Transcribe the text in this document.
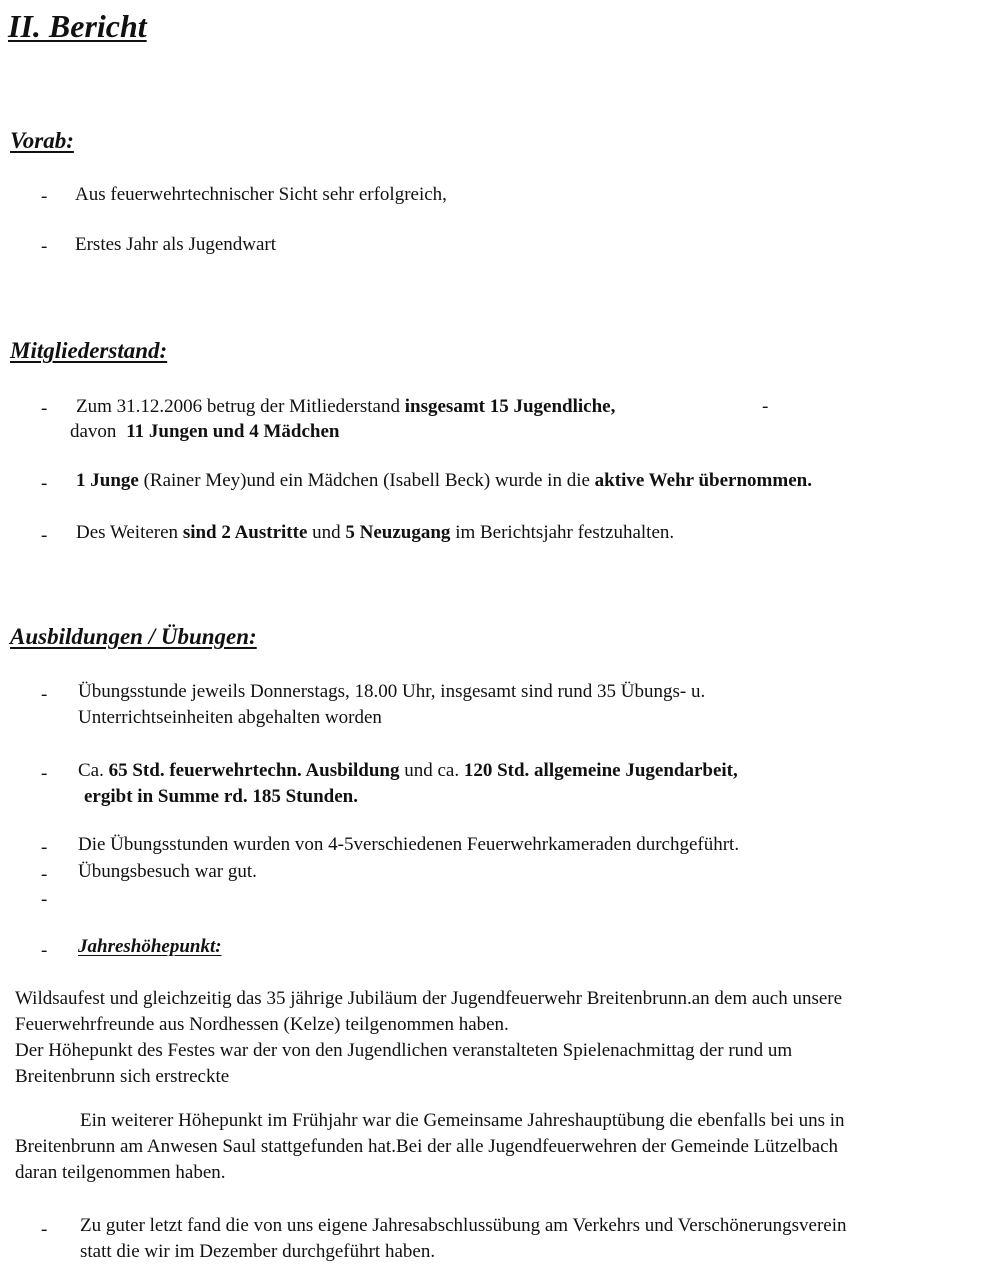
II. Bericht
Vorab:
- Aus feuerwehrtechnischer Sicht sehr erfolgreich,
- Erstes Jahr als Jugendwart
Mitgliederstand:
- Zum 31.12.2006 betrug der Mitliederstand insgesamt 15 Jugendliche,	-
davon 11 Jungen und 4 Mädchen
- 1 Junge (Rainer Mey)und ein Mädchen (Isabell Beck) wurde in die aktive Wehr übernommen.
- Des Weiteren sind 2 Austritte und 5 Neuzugang im Berichtsjahr festzuhalten.
Ausbildungen / Übungen:
- Übungsstunde jeweils Donnerstags, 18.00 Uhr, insgesamt sind rund 35 Übungs- u.
Unterrichtseinheiten abgehalten worden
- Ca. 65 Std. feuerwehrtechn. Ausbildung und ca. 120 Std. allgemeine Jugendarbeit,
ergibt in Summe rd. 185 Stunden.
- Die Übungsstunden wurden von 4-5verschiedenen Feuerwehrkameraden durchgeführt.
- Übungsbesuch war gut.
-
- Jahreshöhepunkt:
Wildsaufest und gleichzeitig das 35 jährige Jubiläum der Jugendfeuerwehr Breitenbrunn.an dem auch unsere
Feuerwehrfreunde aus Nordhessen (Kelze) teilgenommen haben.
Der Höhepunkt des Festes war der von den Jugendlichen veranstalteten Spielenachmittag der rund um
Breitenbrunn sich erstreckte
Ein weiterer Höhepunkt im Frühjahr war die Gemeinsame Jahreshauptübung die ebenfalls bei uns in
Breitenbrunn am Anwesen Saul stattgefunden hat.Bei der alle Jugendfeuerwehren der Gemeinde Lützelbach
daran teilgenommen haben.
- Zu guter letzt fand die von uns eigene Jahresabschlussübung am Verkehrs und Verschönerungsverein
statt die wir im Dezember durchgeführt haben.
